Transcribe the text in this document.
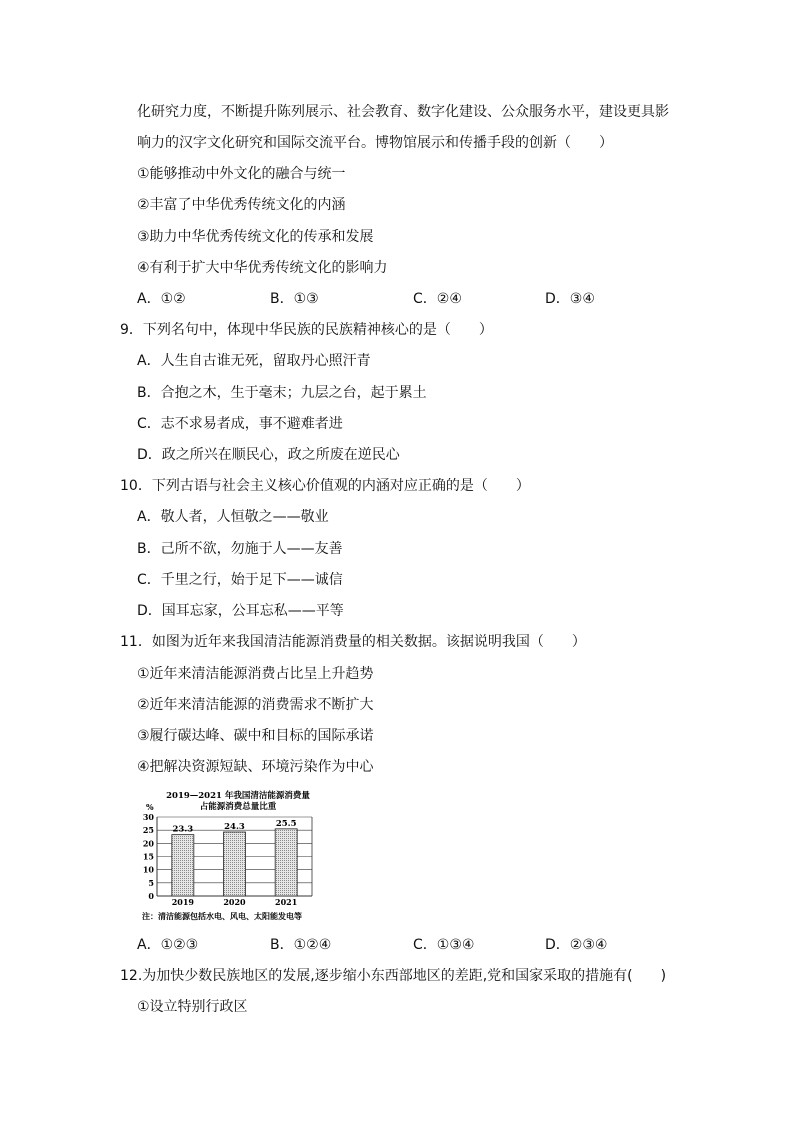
化研究力度，不断提升陈列展示、社会教育、数字化建设、公众服务水平，建设更具影
响力的汉字文化研究和国际交流平台。博物馆展示和传播手段的创新（　　）
①能够推动中外文化的融合与统一
②丰富了中华优秀传统文化的内涵
③助力中华优秀传统文化的传承和发展
④有利于扩大中华优秀传统文化的影响力
A．①②	B．①③	C．②④	D．③④
9．下列名句中，体现中华民族的民族精神核心的是（　　）
A．人生自古谁无死，留取丹心照汗青
B．合抱之木，生于毫末；九层之台，起于累土
C．志不求易者成，事不避难者进
D．政之所兴在顺民心，政之所废在逆民心
10．下列古语与社会主义核心价值观的内涵对应正确的是（　　）
A．敬人者，人恒敬之——敬业
B．己所不欲，勿施于人——友善
C．千里之行，始于足下——诚信
D．国耳忘家，公耳忘私——平等
11．如图为近年来我国清洁能源消费量的相关数据。该据说明我国（　　）
①近年来清洁能源消费占比呈上升趋势
②近年来清洁能源的消费需求不断扩大
③履行碳达峰、碳中和目标的国际承诺
④把解决资源短缺、环境污染作为中心
2019—2021 年我国清洁能源消费量
占能源消费总量比重
%
0
5
10
15
20
25
30
23.3	24.3	25.5
2019	2020	2021
注：清洁能源包括水电、风电、太阳能发电等
A．①②③	B．①②④	C．①③④	D．②③④
12.为加快少数民族地区的发展,逐步缩小东西部地区的差距,党和国家采取的措施有(　　)
①设立特别行政区
